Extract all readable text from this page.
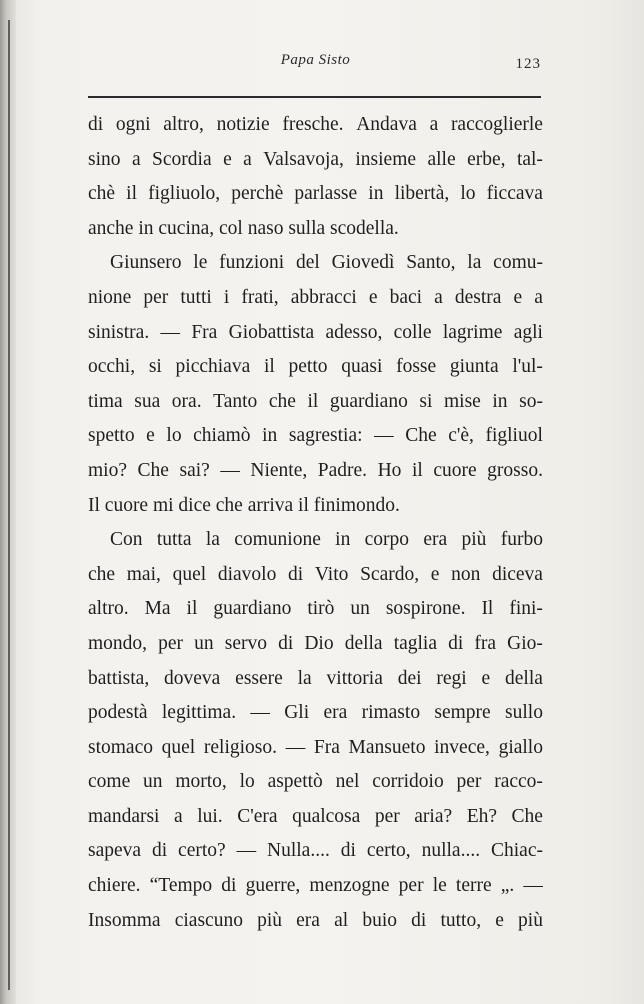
Papa Sisto	123
di ogni altro, notizie fresche. Andava a raccoglierle
sino a Scordia e a Valsavoja, insieme alle erbe, tal-
chè il figliuolo, perchè parlasse in libertà, lo ficcava
anche in cucina, col naso sulla scodella.
Giunsero le funzioni del Giovedì Santo, la comu-
nione per tutti i frati, abbracci e baci a destra e a
sinistra. — Fra Giobattista adesso, colle lagrime agli
occhi, si picchiava il petto quasi fosse giunta l'ul-
tima sua ora. Tanto che il guardiano si mise in so-
spetto e lo chiamò in sagrestia: — Che c'è, figliuol
mio? Che sai? — Niente, Padre. Ho il cuore grosso.
Il cuore mi dice che arriva il finimondo.
Con tutta la comunione in corpo era più furbo
che mai, quel diavolo di Vito Scardo, e non diceva
altro. Ma il guardiano tirò un sospirone. Il fini-
mondo, per un servo di Dio della taglia di fra Gio-
battista, doveva essere la vittoria dei regi e della
podestà legittima. — Gli era rimasto sempre sullo
stomaco quel religioso. — Fra Mansueto invece, giallo
come un morto, lo aspettò nel corridoio per racco-
mandarsi a lui. C'era qualcosa per aria? Eh? Che
sapeva di certo? — Nulla.... di certo, nulla.... Chiac-
chiere. “Tempo di guerre, menzogne per le terre „. —
Insomma ciascuno più era al buio di tutto, e più
